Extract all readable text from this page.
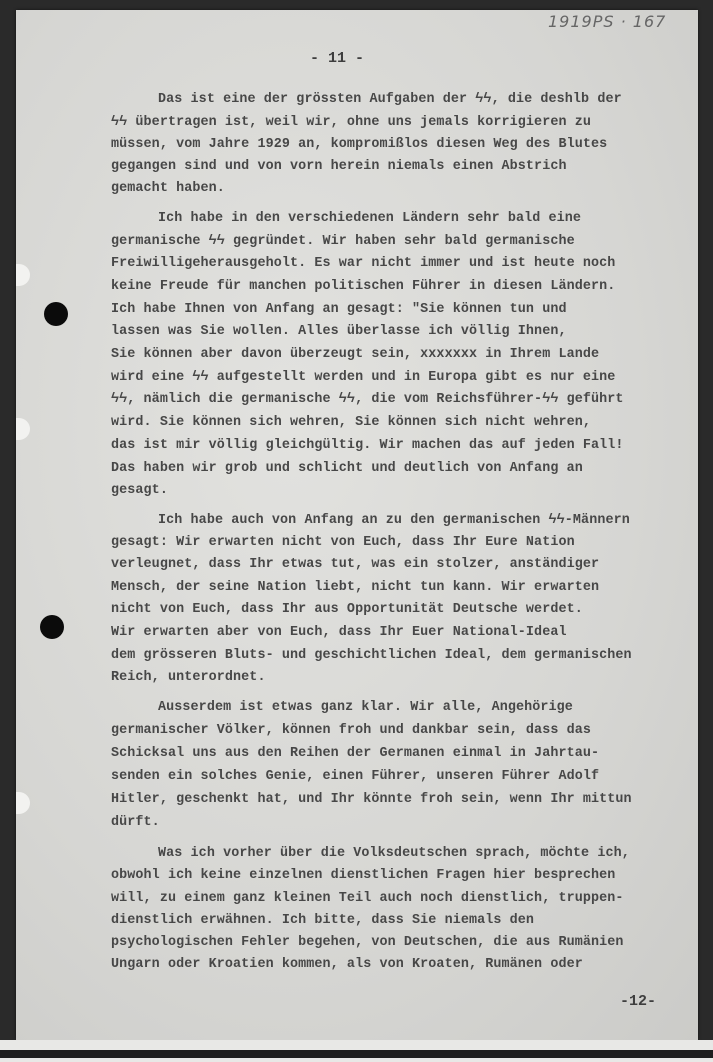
1919PS · 167
- 11 -
Das ist eine der grössten Aufgaben der ϟϟ, die deshlb der
ϟϟ übertragen ist, weil wir, ohne uns jemals korrigieren zu
müssen, vom Jahre 1929 an, kompromißlos diesen Weg des Blutes
gegangen sind und von vorn herein niemals einen Abstrich
gemacht haben.
Ich habe in den verschiedenen Ländern sehr bald eine
germanische ϟϟ gegründet. Wir haben sehr bald germanische
Freiwilligeherausgeholt. Es war nicht immer und ist heute noch
keine Freude für manchen politischen Führer in diesen Ländern.
Ich habe Ihnen von Anfang an gesagt: "Sie können tun und
lassen was Sie wollen. Alles überlasse ich völlig Ihnen,
Sie können aber davon überzeugt sein, xxxxxxx in Ihrem Lande
wird eine ϟϟ aufgestellt werden und in Europa gibt es nur eine
ϟϟ, nämlich die germanische ϟϟ, die vom Reichsführer-ϟϟ geführt
wird. Sie können sich wehren, Sie können sich nicht wehren,
das ist mir völlig gleichgültig. Wir machen das auf jeden Fall!
Das haben wir grob und schlicht und deutlich von Anfang an
gesagt.
Ich habe auch von Anfang an zu den germanischen ϟϟ-Männern
gesagt: Wir erwarten nicht von Euch, dass Ihr Eure Nation
verleugnet, dass Ihr etwas tut, was ein stolzer, anständiger
Mensch, der seine Nation liebt, nicht tun kann. Wir erwarten
nicht von Euch, dass Ihr aus Opportunität Deutsche werdet.
Wir erwarten aber von Euch, dass Ihr Euer National-Ideal
dem grösseren Bluts- und geschichtlichen Ideal, dem germanischen
Reich, unterordnet.
Ausserdem ist etwas ganz klar. Wir alle, Angehörige
germanischer Völker, können froh und dankbar sein, dass das
Schicksal uns aus den Reihen der Germanen einmal in Jahrtau-
senden ein solches Genie, einen Führer, unseren Führer Adolf
Hitler, geschenkt hat, und Ihr könnte froh sein, wenn Ihr mittun
dürft.
Was ich vorher über die Volksdeutschen sprach, möchte ich,
obwohl ich keine einzelnen dienstlichen Fragen hier besprechen
will, zu einem ganz kleinen Teil auch noch dienstlich, truppen-
dienstlich erwähnen. Ich bitte, dass Sie niemals den
psychologischen Fehler begehen, von Deutschen, die aus Rumänien
Ungarn oder Kroatien kommen, als von Kroaten, Rumänen oder
-12-
